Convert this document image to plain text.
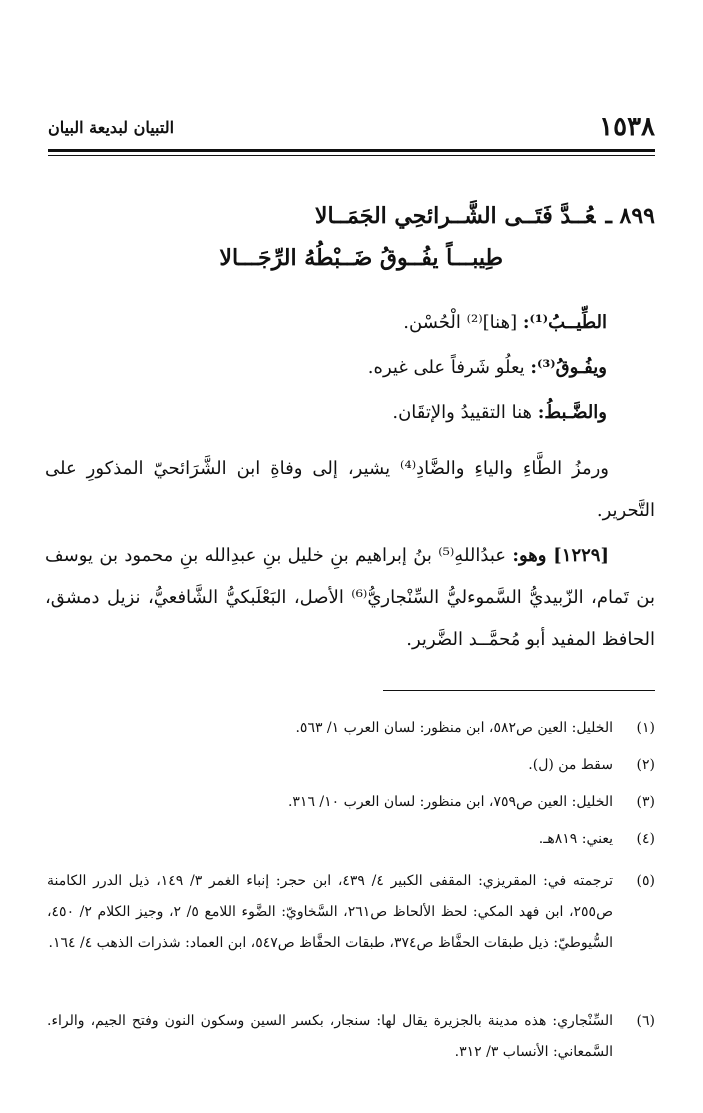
١٥٣٨
التبيان لبديعة البيان
٨٩٩ ـعُــدَّ فَتَــى الشَّــرائحِي الجَمَــالا
طِيبـــاً يفُــوقُ ضَــبْطُهُ الرِّجَـــالا
الطِّيــبُ⁽¹⁾: [هنا]⁽²⁾ الْحُسْن.
ويفُـوقُ⁽³⁾: يعلُو شَرفاً على غيره.
والضَّـبطُ: هنا التقييدُ والإتقَان.
ورمزُ الطَّاءِ والياءِ والضَّادِ⁽⁴⁾ يشير، إلى وفاةِ ابن الشَّرَائحيّ المذكورِ على التَّحرير.
[١٢٢٩] وهو: عبدُاللهِ⁽⁵⁾ بنُ إبراهيم بنِ خليل بنِ عبدِالله بنِ محمود بن يوسف بن تَمام، الزّبيديُّ السَّموءليُّ السِّنْجاريُّ⁽⁶⁾ الأصل، البَعْلَبكيُّ الشَّافعيُّ، نزيل دمشق، الحافظ المفيد أبو مُحمَّــد الضَّرير.
(١)
الخليل: العين ص٥٨٢، ابن منظور: لسان العرب ١/ ٥٦٣.
(٢)
سقط من (ل).
(٣)
الخليل: العين ص٧٥٩، ابن منظور: لسان العرب ١٠/ ٣١٦.
(٤)
يعني: ٨١٩هـ.
(٥)
ترجمته في: المقريزي: المقفى الكبير ٤/ ٤٣٩، ابن حجر: إنباء الغمر ٣/ ١٤٩، ذيل الدرر الكامنة ص٢٥٥، ابن فهد المكي: لحظ الألحاظ ص٢٦١، السَّخاويّ: الضَّوء اللامع ٥/ ٢، وجيز الكلام ٢/ ٤٥٠، السُّيوطيّ: ذيل طبقات الحفَّاظ ص٣٧٤، طبقات الحفَّاظ ص٥٤٧، ابن العماد: شذرات الذهب ٤/ ١٦٤.
(٦)
السِّنْجاري: هذه مدينة بالجزيرة يقال لها: سنجار، بكسر السين وسكون النون وفتح الجيم، والراء. السَّمعاني: الأنساب ٣/ ٣١٢.
